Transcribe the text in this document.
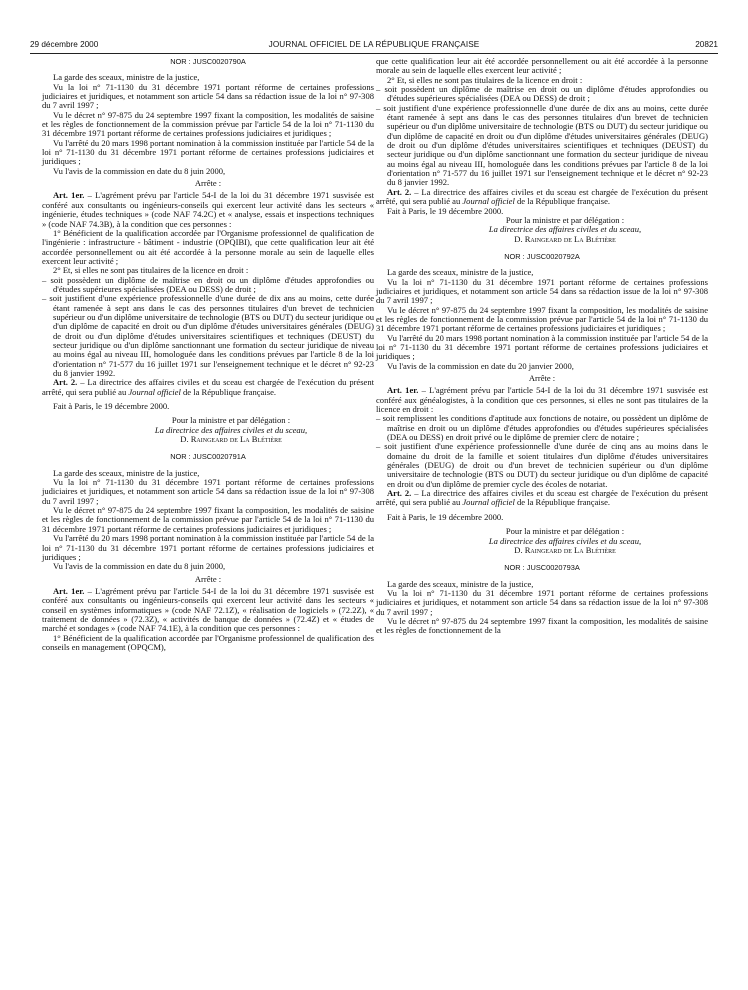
29 décembre 2000	JOURNAL OFFICIEL DE LA RÉPUBLIQUE FRANÇAISE	20821

NOR : JUSC0020790A

La garde des sceaux, ministre de la justice,

Vu la loi n° 71-1130 du 31 décembre 1971 portant réforme de certaines professions judiciaires et juridiques, et notamment son article 54 dans sa rédaction issue de la loi n° 97-308 du 7 avril 1997 ;

Vu le décret n° 97-875 du 24 septembre 1997 fixant la composition, les modalités de saisine et les règles de fonctionnement de la commission prévue par l'article 54 de la loi n° 71-1130 du 31 décembre 1971 portant réforme de certaines professions judiciaires et juridiques ;

Vu l'arrêté du 20 mars 1998 portant nomination à la commission instituée par l'article 54 de la loi n° 71-1130 du 31 décembre 1971 portant réforme de certaines professions judiciaires et juridiques ;

Vu l'avis de la commission en date du 8 juin 2000,

Arrête :

Art. 1er. – L'agrément prévu par l'article 54-I de la loi du 31 décembre 1971 susvisée est conféré aux consultants ou ingénieurs-conseils qui exercent leur activité dans les secteurs « ingénierie, études techniques » (code NAF 74.2C) et « analyse, essais et inspections techniques » (code NAF 74.3B), à la condition que ces personnes :

1° Bénéficient de la qualification accordée par l'Organisme professionnel de qualification de l'ingénierie : infrastructure - bâtiment - industrie (OPQIBI), que cette qualification leur ait été accordée personnellement ou ait été accordée à la personne morale au sein de laquelle elles exercent leur activité ;

2° Et, si elles ne sont pas titulaires de la licence en droit :

– soit possèdent un diplôme de maîtrise en droit ou un diplôme d'études approfondies ou d'études supérieures spécialisées (DEA ou DESS) de droit ;

– soit justifient d'une expérience professionnelle d'une durée de dix ans au moins, cette durée étant ramenée à sept ans dans le cas des personnes titulaires d'un brevet de technicien supérieur ou d'un diplôme universitaire de technologie (BTS ou DUT) du secteur juridique ou d'un diplôme de capacité en droit ou d'un diplôme d'études universitaires générales (DEUG) de droit ou d'un diplôme d'études universitaires scientifiques et techniques (DEUST) du secteur juridique ou d'un diplôme sanctionnant une formation du secteur juridique de niveau au moins égal au niveau III, homologuée dans les conditions prévues par l'article 8 de la loi d'orientation n° 71-577 du 16 juillet 1971 sur l'enseignement technique et le décret n° 92-23 du 8 janvier 1992.

Art. 2. – La directrice des affaires civiles et du sceau est chargée de l'exécution du présent arrêté, qui sera publié au Journal officiel de la République française.

Fait à Paris, le 19 décembre 2000.

Pour la ministre et par délégation :

La directrice des affaires civiles et du sceau,

D. Raingeard de La Blétière

NOR : JUSC0020791A

La garde des sceaux, ministre de la justice,

Vu la loi n° 71-1130 du 31 décembre 1971 portant réforme de certaines professions judiciaires et juridiques, et notamment son article 54 dans sa rédaction issue de la loi n° 97-308 du 7 avril 1997 ;

Vu le décret n° 97-875 du 24 septembre 1997 fixant la composition, les modalités de saisine et les règles de fonctionnement de la commission prévue par l'article 54 de la loi n° 71-1130 du 31 décembre 1971 portant réforme de certaines professions judiciaires et juridiques ;

Vu l'arrêté du 20 mars 1998 portant nomination à la commission instituée par l'article 54 de la loi n° 71-1130 du 31 décembre 1971 portant réforme de certaines professions judiciaires et juridiques ;

Vu l'avis de la commission en date du 8 juin 2000,

Arrête :

Art. 1er. – L'agrément prévu par l'article 54-I de la loi du 31 décembre 1971 susvisée est conféré aux consultants ou ingénieurs-conseils qui exercent leur activité dans les secteurs « conseil en systèmes informatiques » (code NAF 72.1Z), « réalisation de logiciels » (72.2Z), « traitement de données » (72.3Z), « activités de banque de données » (72.4Z) et « études de marché et sondages » (code NAF 74.1E), à la condition que ces personnes :

1° Bénéficient de la qualification accordée par l'Organisme professionnel de qualification des conseils en management (OPQCM),

que cette qualification leur ait été accordée personnellement ou ait été accordée à la personne morale au sein de laquelle elles exercent leur activité ;

2° Et, si elles ne sont pas titulaires de la licence en droit :

– soit possèdent un diplôme de maîtrise en droit ou un diplôme d'études approfondies ou d'études supérieures spécialisées (DEA ou DESS) de droit ;

– soit justifient d'une expérience professionnelle d'une durée de dix ans au moins, cette durée étant ramenée à sept ans dans le cas des personnes titulaires d'un brevet de technicien supérieur ou d'un diplôme universitaire de technologie (BTS ou DUT) du secteur juridique ou d'un diplôme de capacité en droit ou d'un diplôme d'études universitaires générales (DEUG) de droit ou d'un diplôme d'études universitaires scientifiques et techniques (DEUST) du secteur juridique ou d'un diplôme sanctionnant une formation du secteur juridique de niveau au moins égal au niveau III, homologuée dans les conditions prévues par l'article 8 de la loi d'orientation n° 71-577 du 16 juillet 1971 sur l'enseignement technique et le décret n° 92-23 du 8 janvier 1992.

Art. 2. – La directrice des affaires civiles et du sceau est chargée de l'exécution du présent arrêté, qui sera publié au Journal officiel de la République française.

Fait à Paris, le 19 décembre 2000.

Pour la ministre et par délégation :

La directrice des affaires civiles et du sceau,

D. Raingeard de La Blétière

NOR : JUSC0020792A

La garde des sceaux, ministre de la justice,

Vu la loi n° 71-1130 du 31 décembre 1971 portant réforme de certaines professions judiciaires et juridiques, et notamment son article 54 dans sa rédaction issue de la loi n° 97-308 du 7 avril 1997 ;

Vu le décret n° 97-875 du 24 septembre 1997 fixant la composition, les modalités de saisine et les règles de fonctionnement de la commission prévue par l'article 54 de la loi n° 71-1130 du 31 décembre 1971 portant réforme de certaines professions judiciaires et juridiques ;

Vu l'arrêté du 20 mars 1998 portant nomination à la commission instituée par l'article 54 de la loi n° 71-1130 du 31 décembre 1971 portant réforme de certaines professions judiciaires et juridiques ;

Vu l'avis de la commission en date du 20 janvier 2000,

Arrête :

Art. 1er. – L'agrément prévu par l'article 54-I de la loi du 31 décembre 1971 susvisée est conféré aux généalogistes, à la condition que ces personnes, si elles ne sont pas titulaires de la licence en droit :

– soit remplissent les conditions d'aptitude aux fonctions de notaire, ou possèdent un diplôme de maîtrise en droit ou un diplôme d'études approfondies ou d'études supérieures spécialisées (DEA ou DESS) en droit privé ou le diplôme de premier clerc de notaire ;

– soit justifient d'une expérience professionnelle d'une durée de cinq ans au moins dans le domaine du droit de la famille et soient titulaires d'un diplôme d'études universitaires générales (DEUG) de droit ou d'un brevet de technicien supérieur ou d'un diplôme universitaire de technologie (BTS ou DUT) du secteur juridique ou d'un diplôme de capacité en droit ou d'un diplôme de premier cycle des écoles de notariat.

Art. 2. – La directrice des affaires civiles et du sceau est chargée de l'exécution du présent arrêté, qui sera publié au Journal officiel de la République française.

Fait à Paris, le 19 décembre 2000.

Pour la ministre et par délégation :

La directrice des affaires civiles et du sceau,

D. Raingeard de La Blétière

NOR : JUSC0020793A

La garde des sceaux, ministre de la justice,

Vu la loi n° 71-1130 du 31 décembre 1971 portant réforme de certaines professions judiciaires et juridiques, et notamment son article 54 dans sa rédaction issue de la loi n° 97-308 du 7 avril 1997 ;

Vu le décret n° 97-875 du 24 septembre 1997 fixant la composition, les modalités de saisine et les règles de fonctionnement de la
